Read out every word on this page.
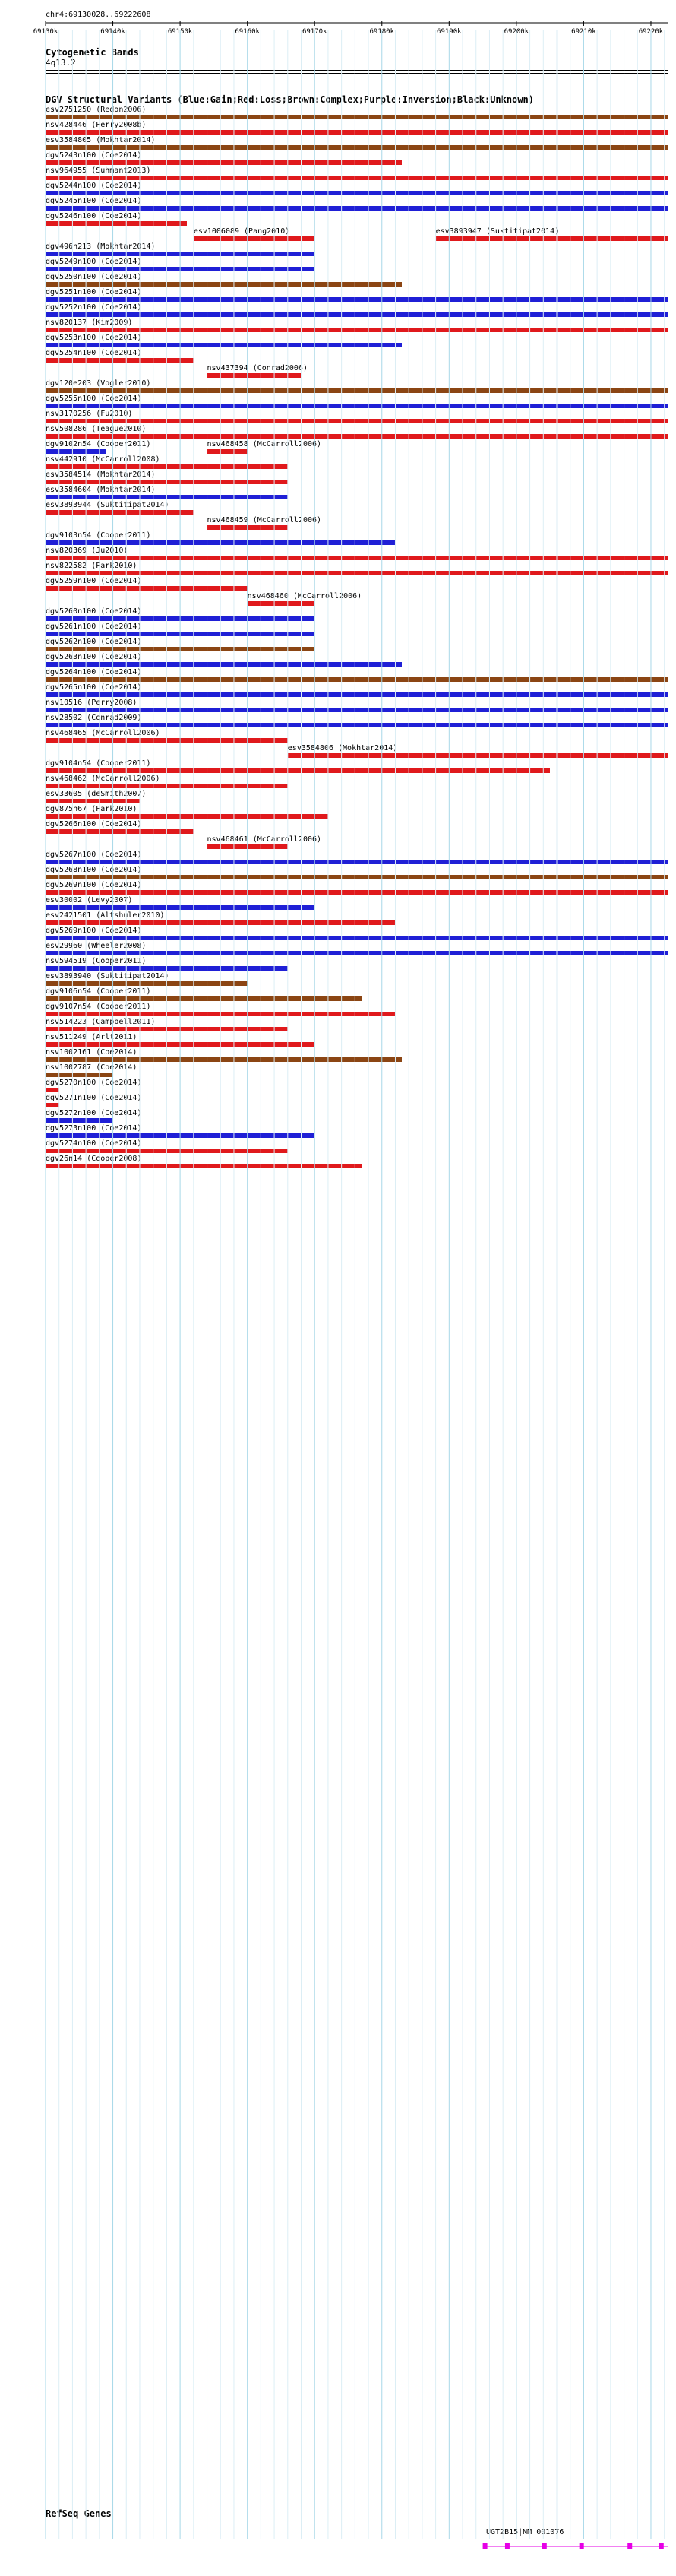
chr4:69130028..69222608
69130k	69140k	69150k	69160k	69170k	69180k	69190k	69200k	69210k	69220k
Cytogenetic Bands
4q13.2
DGV Structural Variants (Blue:Gain;Red:Loss;Brown:Complex;Purple:Inversion;Black:Unknown)
esv2751250 (Redon2006)
nsv428446 (Perry2008b)
esv3584805 (Mokhtar2014)
dgv5243n100 (Coe2014)
nsv964955 (Suhmant2013)
dgv5244n100 (Coe2014)
dgv5245n100 (Coe2014)
dgv5246n100 (Coe2014)
esv1006089 (Pang2010)	esv3893947 (Suktitipat2014)
dgv496n213 (Mokhtar2014)
dgv5249n100 (Coe2014)
dgv5250n100 (Coe2014)
dgv5251n100 (Coe2014)
dgv5252n100 (Coe2014)
nsv820137 (Kim2009)
dgv5253n100 (Coe2014)
dgv5254n100 (Coe2014)
nsv437394 (Conrad2006)
dgv120e203 (Vogler2010)
dgv5255n100 (Coe2014)
nsv3170256 (Fu2010)
nsv508286 (Teague2010)
dgv9102n54 (Cooper2011)	nsv468458 (McCarroll2006)
nsv442910 (McCarroll2008)
esv3584514 (Mokhtar2014)
esv3584604 (Mokhtar2014)
esv3893944 (Suktitipat2014)
nsv468459 (McCarroll2006)
dgv9103n54 (Cooper2011)
nsv820369 (Ju2010)
nsv822582 (Park2010)
dgv5259n100 (Coe2014)
nsv468460 (McCarroll2006)
dgv5260n100 (Coe2014)
dgv5261n100 (Coe2014)
dgv5262n100 (Coe2014)
dgv5263n100 (Coe2014)
dgv5264n100 (Coe2014)
dgv5265n100 (Coe2014)
nsv10516 (Perry2008)
nsv28502 (Conrad2009)
nsv468465 (McCarroll2006)
esv3584806 (Mokhtar2014)
dgv9104n54 (Cooper2011)
nsv468462 (McCarroll2006)
esv33605 (deSmith2007)
dgv875n67 (Park2010)
dgv5266n100 (Coe2014)
nsv468461 (McCarroll2006)
dgv5267n100 (Coe2014)
dgv5268n100 (Coe2014)
dgv5269n100 (Coe2014)
esv30002 (Levy2007)
esv2421501 (Altshuler2010)
dgv5269n100 (Coe2014)
esv29960 (Wheeler2008)
nsv594519 (Cooper2011)
esv3893940 (Suktitipat2014)
dgv9106n54 (Cooper2011)
dgv9107n54 (Cooper2011)
nsv514223 (Campbell2011)
nsv511249 (Arlt2011)
nsv1002161 (Coe2014)
nsv1002787 (Coe2014)
dgv5270n100 (Coe2014)
dgv5271n100 (Coe2014)
dgv5272n100 (Coe2014)
dgv5273n100 (Coe2014)
dgv5274n100 (Coe2014)
dgv26n14 (Cooper2008)
RefSeq Genes
UGT2B15|NM_001076
